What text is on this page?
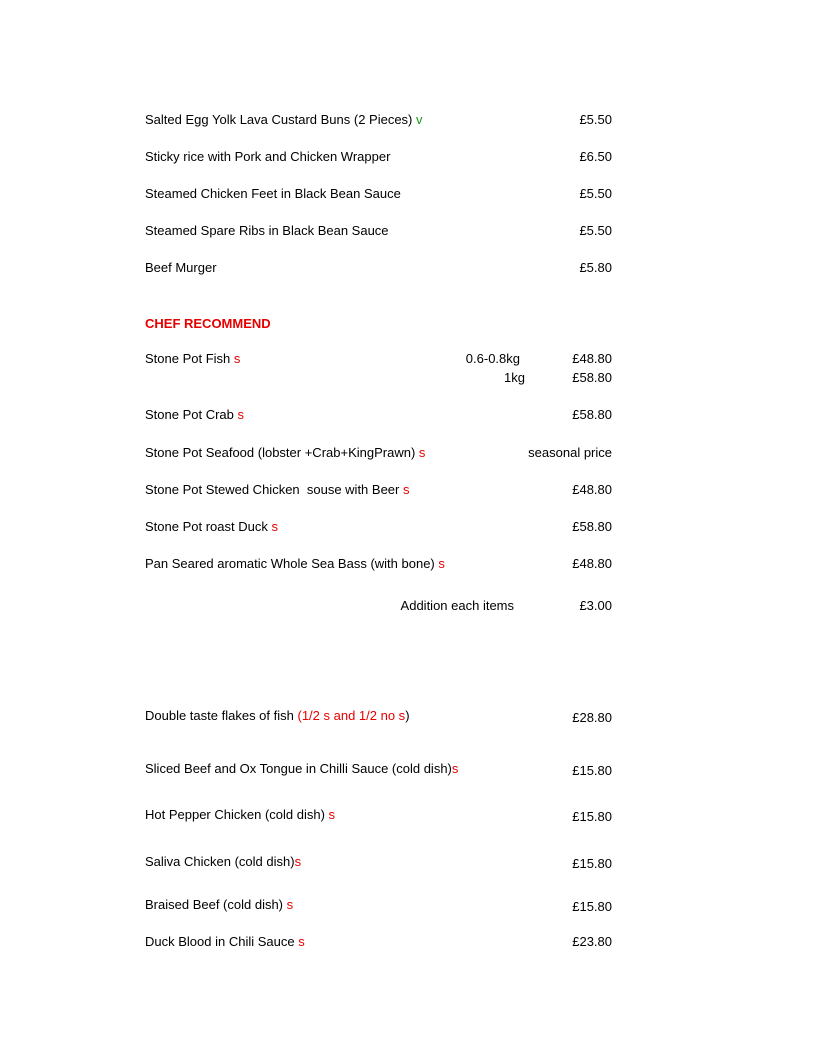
Salted Egg Yolk Lava Custard Buns (2 Pieces) v	£5.50
Sticky rice with Pork and Chicken Wrapper	£6.50
Steamed Chicken Feet in Black Bean Sauce	£5.50
Steamed Spare Ribs in Black Bean Sauce	£5.50
Beef Murger	£5.80
CHEF RECOMMEND
Stone Pot Fish s	0.6-0.8kg	£48.80
1kg	£58.80
Stone Pot Crab s	£58.80
Stone Pot Seafood (lobster +Crab+KingPrawn) s	seasonal price
Stone Pot Stewed Chicken  souse with Beer s	£48.80
Stone Pot roast Duck s	£58.80
Pan Seared aromatic Whole Sea Bass (with bone) s	£48.80
Addition each items	£3.00
Double taste flakes of fish (1/2 s and 1/2 no s)	£28.80
Sliced Beef and Ox Tongue in Chilli Sauce (cold dish)s	£15.80
Hot Pepper Chicken (cold dish) s	£15.80
Saliva Chicken (cold dish)s	£15.80
Braised Beef (cold dish) s	£15.80
Duck Blood in Chili Sauce s	£23.80
